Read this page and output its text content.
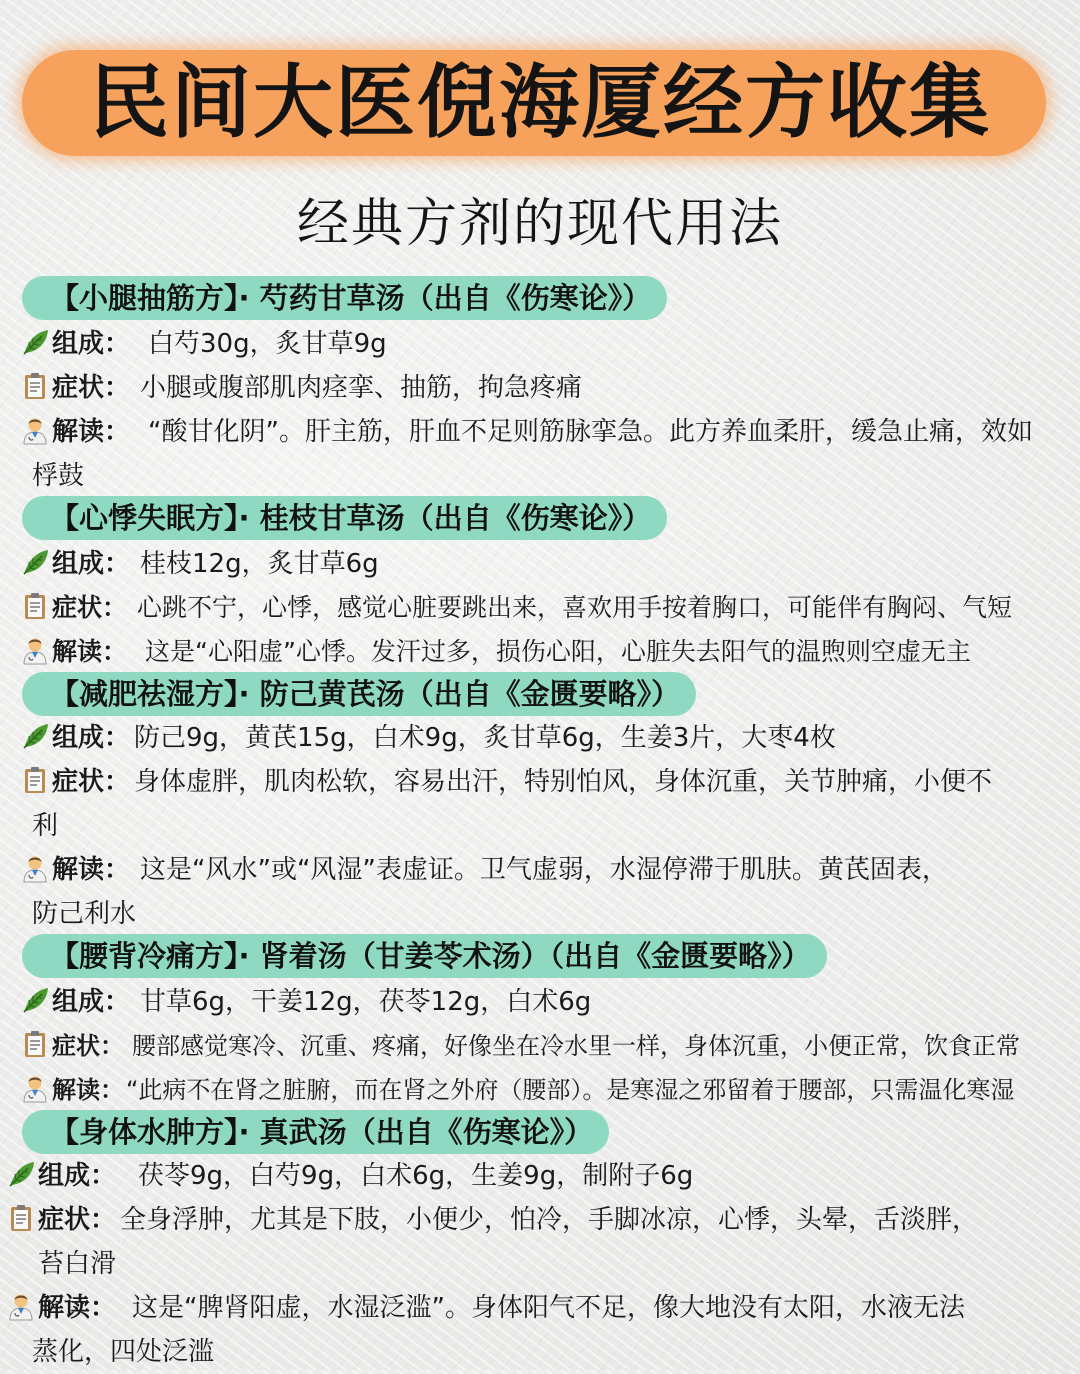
民间大医倪海厦经方收集
经典方剂的现代用法
【小腿抽筋方】· 芍药甘草汤（出自《伤寒论》）
组成： 白芍30g，炙甘草9g
症状： 小腿或腹部肌肉痉挛、抽筋，拘急疼痛
解读： “酸甘化阴”。肝主筋，肝血不足则筋脉挛急。此方养血柔肝，缓急止痛，效如
桴鼓
【心悸失眠方】· 桂枝甘草汤（出自《伤寒论》）
组成： 桂枝12g，炙甘草6g
症状： 心跳不宁，心悸，感觉心脏要跳出来，喜欢用手按着胸口，可能伴有胸闷、气短
解读： 这是“心阳虚”心悸。发汗过多，损伤心阳，心脏失去阳气的温煦则空虚无主
【减肥祛湿方】· 防己黄芪汤（出自《金匮要略》）
组成： 防己9g，黄芪15g，白术9g，炙甘草6g，生姜3片，大枣4枚
症状： 身体虚胖，肌肉松软，容易出汗，特别怕风，身体沉重，关节肿痛，小便不
利
解读： 这是“风水”或“风湿”表虚证。卫气虚弱，水湿停滞于肌肤。黄芪固表，
防己利水
【腰背冷痛方】· 肾着汤（甘姜苓术汤）（出自《金匮要略》）
组成： 甘草6g，干姜12g，茯苓12g，白术6g
症状： 腰部感觉寒冷、沉重、疼痛，好像坐在冷水里一样，身体沉重，小便正常，饮食正常
解读：“此病不在肾之脏腑，而在肾之外府（腰部）。是寒湿之邪留着于腰部，只需温化寒湿
【身体水肿方】· 真武汤（出自《伤寒论》）
组成： 茯苓9g，白芍9g，白术6g，生姜9g，制附子6g
症状： 全身浮肿，尤其是下肢，小便少，怕冷，手脚冰凉，心悸，头晕，舌淡胖，
苔白滑
解读： 这是“脾肾阳虚，水湿泛滥”。身体阳气不足，像大地没有太阳，水液无法
蒸化，四处泛滥
